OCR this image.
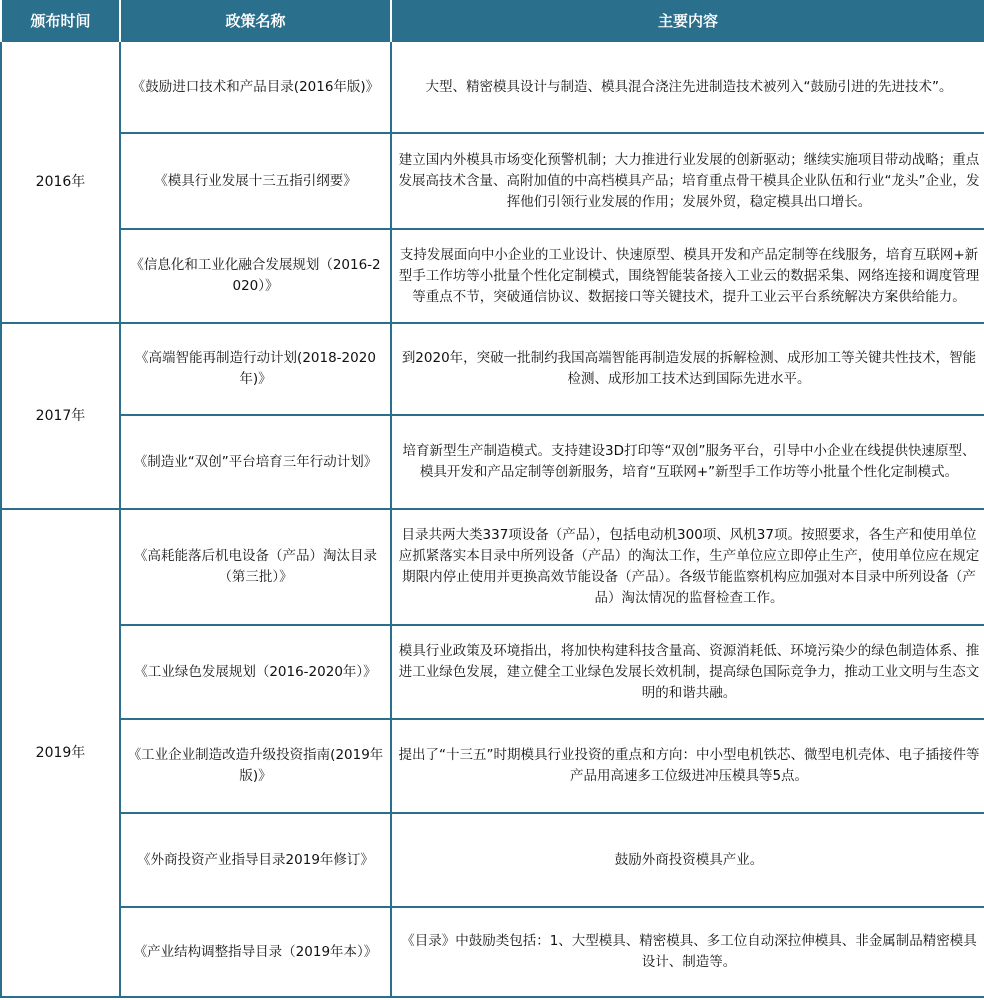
颁布时间	政策名称	主要内容
2016年	《鼓励进口技术和产品目录(2016年版)》	大型、精密模具设计与制造、模具混合浇注先进制造技术被列入“鼓励引进的先进技术”。
	《模具行业发展十三五指引纲要》	建立国内外模具市场变化预警机制；大力推进行业发展的创新驱动；继续实施项目带动战略；重点发展高技术含量、高附加值的中高档模具产品；培育重点骨干模具企业队伍和行业“龙头”企业，发挥他们引领行业发展的作用；发展外贸，稳定模具出口增长。
	《信息化和工业化融合发展规划（2016-2020）》	支持发展面向中小企业的工业设计、快速原型、模具开发和产品定制等在线服务，培育互联网+新型手工作坊等小批量个性化定制模式，围绕智能装备接入工业云的数据采集、网络连接和调度管理等重点不节，突破通信协议、数据接口等关键技术，提升工业云平台系统解决方案供给能力。
2017年	《高端智能再制造行动计划(2018-2020年)》	到2020年，突破一批制约我国高端智能再制造发展的拆解检测、成形加工等关键共性技术，智能检测、成形加工技术达到国际先进水平。
	《制造业“双创”平台培育三年行动计划》	培育新型生产制造模式。支持建设3D打印等“双创”服务平台，引导中小企业在线提供快速原型、模具开发和产品定制等创新服务，培育“互联网+”新型手工作坊等小批量个性化定制模式。
2019年	《高耗能落后机电设备（产品）淘汰目录（第三批）》	目录共两大类337项设备（产品），包括电动机300项、风机37项。按照要求，各生产和使用单位应抓紧落实本目录中所列设备（产品）的淘汰工作，生产单位应立即停止生产，使用单位应在规定期限内停止使用并更换高效节能设备（产品）。各级节能监察机构应加强对本目录中所列设备（产品）淘汰情况的监督检查工作。
	《工业绿色发展规划（2016-2020年）》	模具行业政策及环境指出，将加快构建科技含量高、资源消耗低、环境污染少的绿色制造体系、推进工业绿色发展，建立健全工业绿色发展长效机制，提高绿色国际竞争力，推动工业文明与生态文明的和谐共融。
	《工业企业制造改造升级投资指南(2019年版)》	提出了“十三五”时期模具行业投资的重点和方向：中小型电机铁芯、微型电机壳体、电子插接件等产品用高速多工位级进冲压模具等5点。
	《外商投资产业指导目录2019年修订》	鼓励外商投资模具产业。
	《产业结构调整指导目录（2019年本）》	《目录》中鼓励类包括：1、大型模具、精密模具、多工位自动深拉伸模具、非金属制品精密模具设计、制造等。
